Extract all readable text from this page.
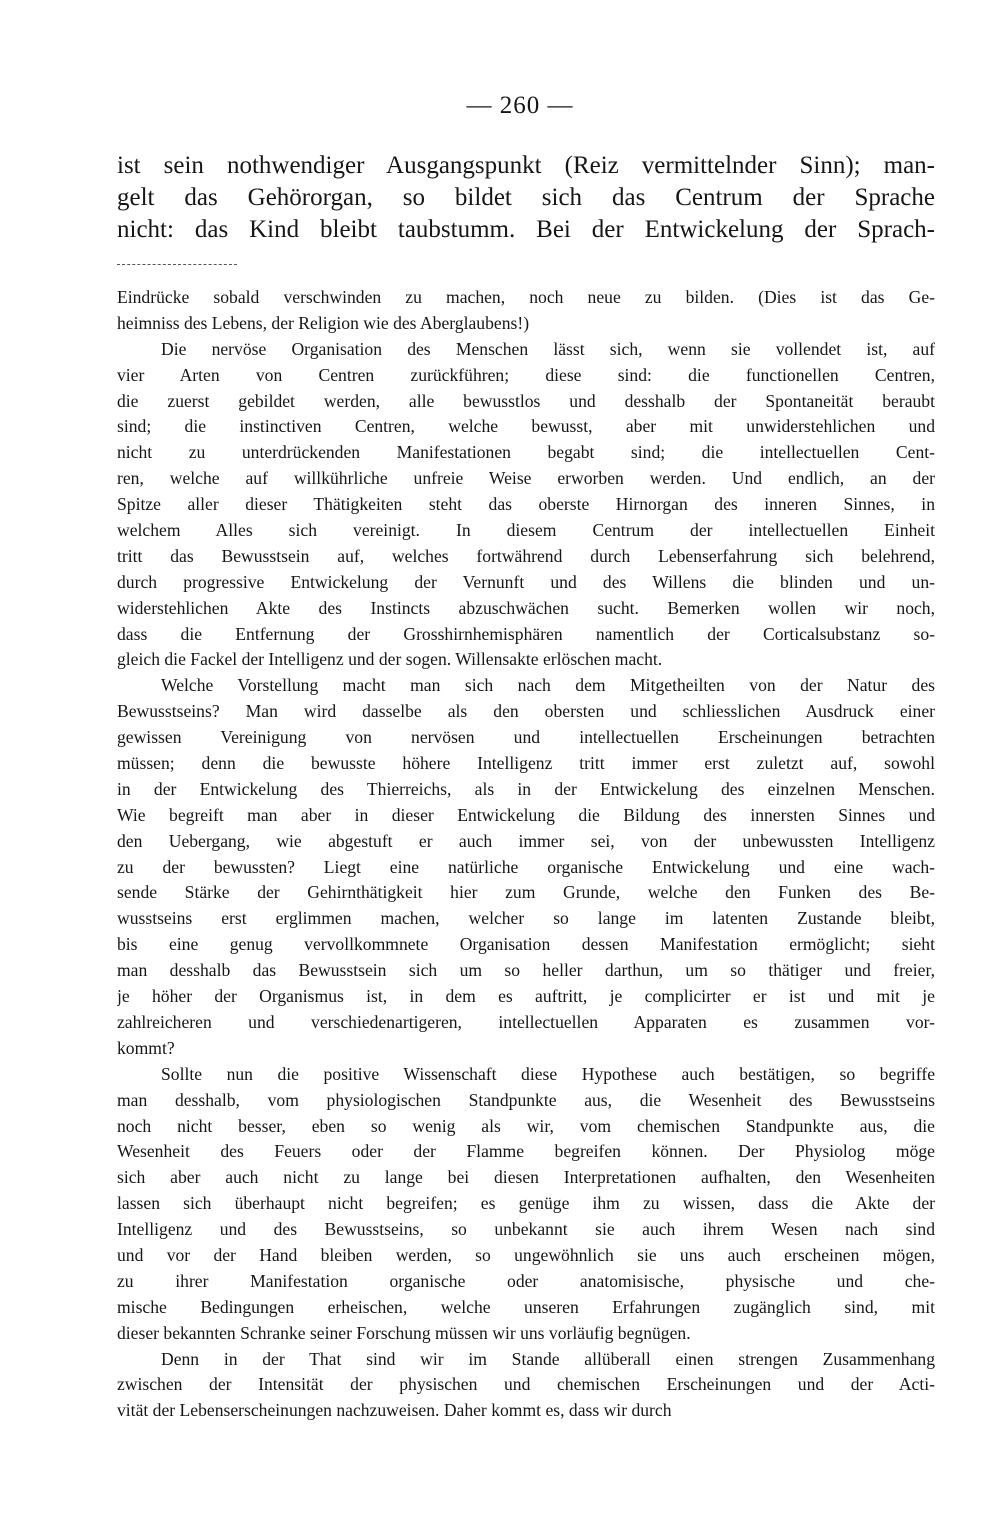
— 260 —
ist sein nothwendiger Ausgangspunkt (Reiz vermittelnder Sinn); man-
gelt das Gehörorgan, so bildet sich das Centrum der Sprache
nicht: das Kind bleibt taubstumm. Bei der Entwickelung der Sprach-
Eindrücke sobald verschwinden zu machen, noch neue zu bilden. (Dies ist das Ge-
heimniss des Lebens, der Religion wie des Aberglaubens!)
Die nervöse Organisation des Menschen lässt sich, wenn sie vollendet ist, auf
vier Arten von Centren zurückführen; diese sind: die functionellen Centren,
die zuerst gebildet werden, alle bewusstlos und desshalb der Spontaneität beraubt
sind; die instinctiven Centren, welche bewusst, aber mit unwiderstehlichen und
nicht zu unterdrückenden Manifestationen begabt sind; die intellectuellen Cent-
ren, welche auf willkührliche unfreie Weise erworben werden. Und endlich, an der
Spitze aller dieser Thätigkeiten steht das oberste Hirnorgan des inneren Sinnes, in
welchem Alles sich vereinigt. In diesem Centrum der intellectuellen Einheit
tritt das Bewusstsein auf, welches fortwährend durch Lebenserfahrung sich belehrend,
durch progressive Entwickelung der Vernunft und des Willens die blinden und un-
widerstehlichen Akte des Instincts abzuschwächen sucht. Bemerken wollen wir noch,
dass die Entfernung der Grosshirnhemisphären namentlich der Corticalsubstanz so-
gleich die Fackel der Intelligenz und der sogen. Willensakte erlöschen macht.
Welche Vorstellung macht man sich nach dem Mitgetheilten von der Natur des
Bewusstseins? Man wird dasselbe als den obersten und schliesslichen Ausdruck einer
gewissen Vereinigung von nervösen und intellectuellen Erscheinungen betrachten
müssen; denn die bewusste höhere Intelligenz tritt immer erst zuletzt auf, sowohl
in der Entwickelung des Thierreichs, als in der Entwickelung des einzelnen Menschen.
Wie begreift man aber in dieser Entwickelung die Bildung des innersten Sinnes und
den Uebergang, wie abgestuft er auch immer sei, von der unbewussten Intelligenz
zu der bewussten? Liegt eine natürliche organische Entwickelung und eine wach-
sende Stärke der Gehirnthätigkeit hier zum Grunde, welche den Funken des Be-
wusstseins erst erglimmen machen, welcher so lange im latenten Zustande bleibt,
bis eine genug vervollkommnete Organisation dessen Manifestation ermöglicht; sieht
man desshalb das Bewusstsein sich um so heller darthun, um so thätiger und freier,
je höher der Organismus ist, in dem es auftritt, je complicirter er ist und mit je
zahlreicheren und verschiedenartigeren, intellectuellen Apparaten es zusammen vor-
kommt?
Sollte nun die positive Wissenschaft diese Hypothese auch bestätigen, so begriffe
man desshalb, vom physiologischen Standpunkte aus, die Wesenheit des Bewusstseins
noch nicht besser, eben so wenig als wir, vom chemischen Standpunkte aus, die
Wesenheit des Feuers oder der Flamme begreifen können. Der Physiolog möge
sich aber auch nicht zu lange bei diesen Interpretationen aufhalten, den Wesenheiten
lassen sich überhaupt nicht begreifen; es genüge ihm zu wissen, dass die Akte der
Intelligenz und des Bewusstseins, so unbekannt sie auch ihrem Wesen nach sind
und vor der Hand bleiben werden, so ungewöhnlich sie uns auch erscheinen mögen,
zu ihrer Manifestation organische oder anatomisische, physische und che-
mische Bedingungen erheischen, welche unseren Erfahrungen zugänglich sind, mit
dieser bekannten Schranke seiner Forschung müssen wir uns vorläufig begnügen.
Denn in der That sind wir im Stande allüberall einen strengen Zusammenhang
zwischen der Intensität der physischen und chemischen Erscheinungen und der Acti-
vität der Lebenserscheinungen nachzuweisen. Daher kommt es, dass wir durch
